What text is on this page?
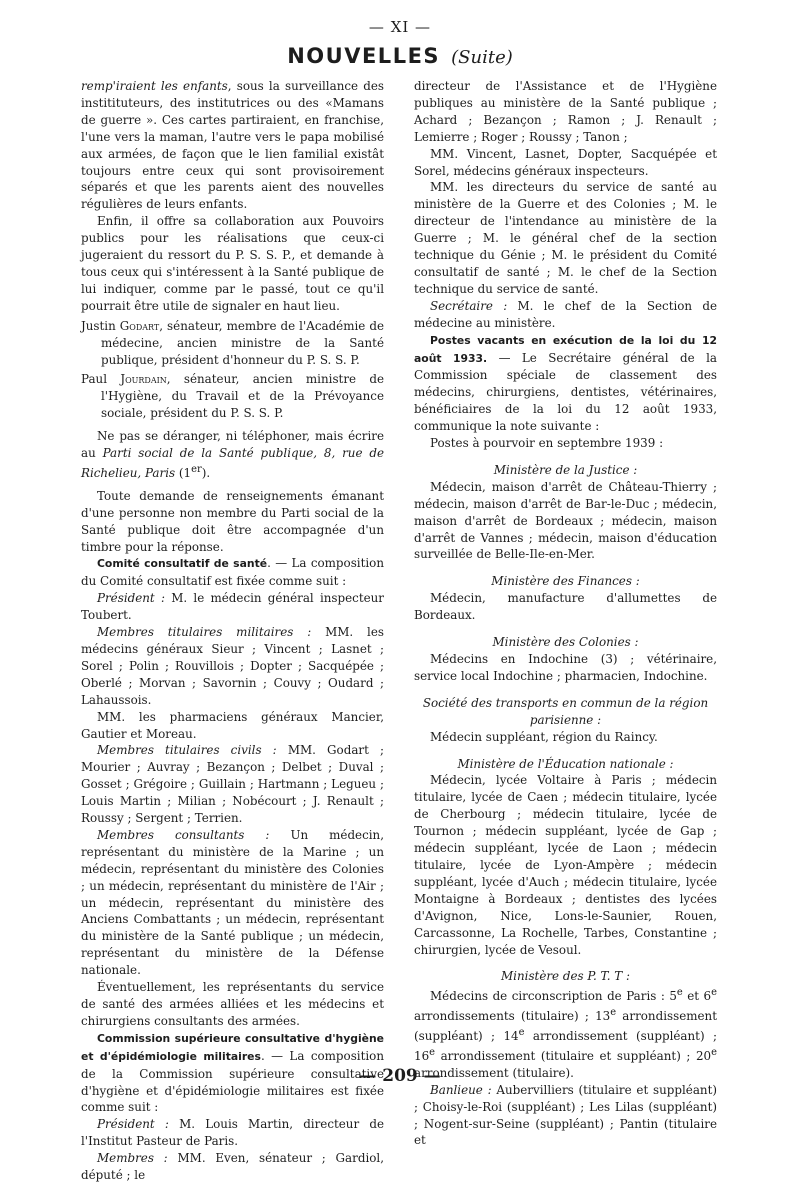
— XI —
NOUVELLES (Suite)

remp'iraient les enfants, sous la surveillance des institituteurs, des institutrices ou des «Mamans de guerre ». Ces cartes partiraient, en franchise, l'une vers la maman, l'autre vers le papa mobilisé aux armées, de façon que le lien familial existât toujours entre ceux qui sont provisoirement séparés et que les parents aient des nouvelles régulières de leurs enfants.

Enfin, il offre sa collaboration aux Pouvoirs publics pour les réalisations que ceux-ci jugeraient du ressort du P. S. S. P., et demande à tous ceux qui s'intéressent à la Santé publique de lui indiquer, comme par le passé, tout ce qu'il pourrait être utile de signaler en haut lieu.

Justin Godart, sénateur, membre de l'Académie de médecine, ancien ministre de la Santé publique, président d'honneur du P. S. S. P.

Paul Jourdain, sénateur, ancien ministre de l'Hygiène, du Travail et de la Prévoyance sociale, président du P. S. S. P.

Ne pas se déranger, ni téléphoner, mais écrire au Parti social de la Santé publique, 8, rue de Richelieu, Paris (1er).

Toute demande de renseignements émanant d'une personne non membre du Parti social de la Santé publique doit être accompagnée d'un timbre pour la réponse.

Comité consultatif de santé. — La composition du Comité consultatif est fixée comme suit :

Président : M. le médecin général inspecteur Toubert.

Membres titulaires militaires : MM. les médecins généraux Sieur ; Vincent ; Lasnet ; Sorel ; Polin ; Rouvillois ; Dopter ; Sacquépée ; Oberlé ; Morvan ; Savornin ; Couvy ; Oudard ; Lahaussois.

MM. les pharmaciens généraux Mancier, Gautier et Moreau.

Membres titulaires civils : MM. Godart ; Mourier ; Auvray ; Bezançon ; Delbet ; Duval ; Gosset ; Grégoire ; Guillain ; Hartmann ; Legueu ; Louis Martin ; Milian ; Nobécourt ; J. Renault ; Roussy ; Sergent ; Terrien.

Membres consultants : Un médecin, représentant du ministère de la Marine ; un médecin, représentant du ministère des Colonies ; un médecin, représentant du ministère de l'Air ; un médecin, représentant du ministère des Anciens Combattants ; un médecin, représentant du ministère de la Santé publique ; un médecin, représentant du ministère de la Défense nationale.

Éventuellement, les représentants du service de santé des armées alliées et les médecins et chirurgiens consultants des armées.

Commission supérieure consultative d'hygiène et d'épidémiologie militaires. — La composition de la Commission supérieure consultative d'hygiène et d'épidémiologie militaires est fixée comme suit :

Président : M. Louis Martin, directeur de l'Institut Pasteur de Paris.

Membres : MM. Even, sénateur ; Gardiol, député ; le

directeur de l'Assistance et de l'Hygiène publiques au ministère de la Santé publique ; Achard ; Bezançon ; Ramon ; J. Renault ; Lemierre ; Roger ; Roussy ; Tanon ;

MM. Vincent, Lasnet, Dopter, Sacquépée et Sorel, médecins généraux inspecteurs.

MM. les directeurs du service de santé au ministère de la Guerre et des Colonies ; M. le directeur de l'intendance au ministère de la Guerre ; M. le général chef de la section technique du Génie ; M. le président du Comité consultatif de santé ; M. le chef de la Section technique du service de santé.

Secrétaire : M. le chef de la Section de médecine au ministère.

Postes vacants en exécution de la loi du 12 août 1933. — Le Secrétaire général de la Commission spéciale de classement des médecins, chirurgiens, dentistes, vétérinaires, bénéficiaires de la loi du 12 août 1933, communique la note suivante :

Postes à pourvoir en septembre 1939 :

Ministère de la Justice :

Médecin, maison d'arrêt de Château-Thierry ; médecin, maison d'arrêt de Bar-le-Duc ; médecin, maison d'arrêt de Bordeaux ; médecin, maison d'arrêt de Vannes ; médecin, maison d'éducation surveillée de Belle-Ile-en-Mer.

Ministère des Finances :

Médecin, manufacture d'allumettes de Bordeaux.

Ministère des Colonies :

Médecins en Indochine (3) ; vétérinaire, service local Indochine ; pharmacien, Indochine.

Société des transports en commun de la région parisienne :

Médecin suppléant, région du Raincy.

Ministère de l'Éducation nationale :

Médecin, lycée Voltaire à Paris ; médecin titulaire, lycée de Caen ; médecin titulaire, lycée de Cherbourg ; médecin titulaire, lycée de Tournon ; médecin suppléant, lycée de Gap ; médecin suppléant, lycée de Laon ; médecin titulaire, lycée de Lyon-Ampère ; médecin suppléant, lycée d'Auch ; médecin titulaire, lycée Montaigne à Bordeaux ; dentistes des lycées d'Avignon, Nice, Lons-le-Saunier, Rouen, Carcassonne, La Rochelle, Tarbes, Constantine ; chirurgien, lycée de Vesoul.

Ministère des P. T. T :

Médecins de circonscription de Paris : 5e et 6e arrondissements (titulaire) ; 13e arrondissement (suppléant) ; 14e arrondissement (suppléant) ; 16e arrondissement (titulaire et suppléant) ; 20e arrondissement (titulaire).

Banlieue : Aubervilliers (titulaire et suppléant) ; Choisy-le-Roi (suppléant) ; Les Lilas (suppléant) ; Nogent-sur-Seine (suppléant) ; Pantin (titulaire et

— 209 —
